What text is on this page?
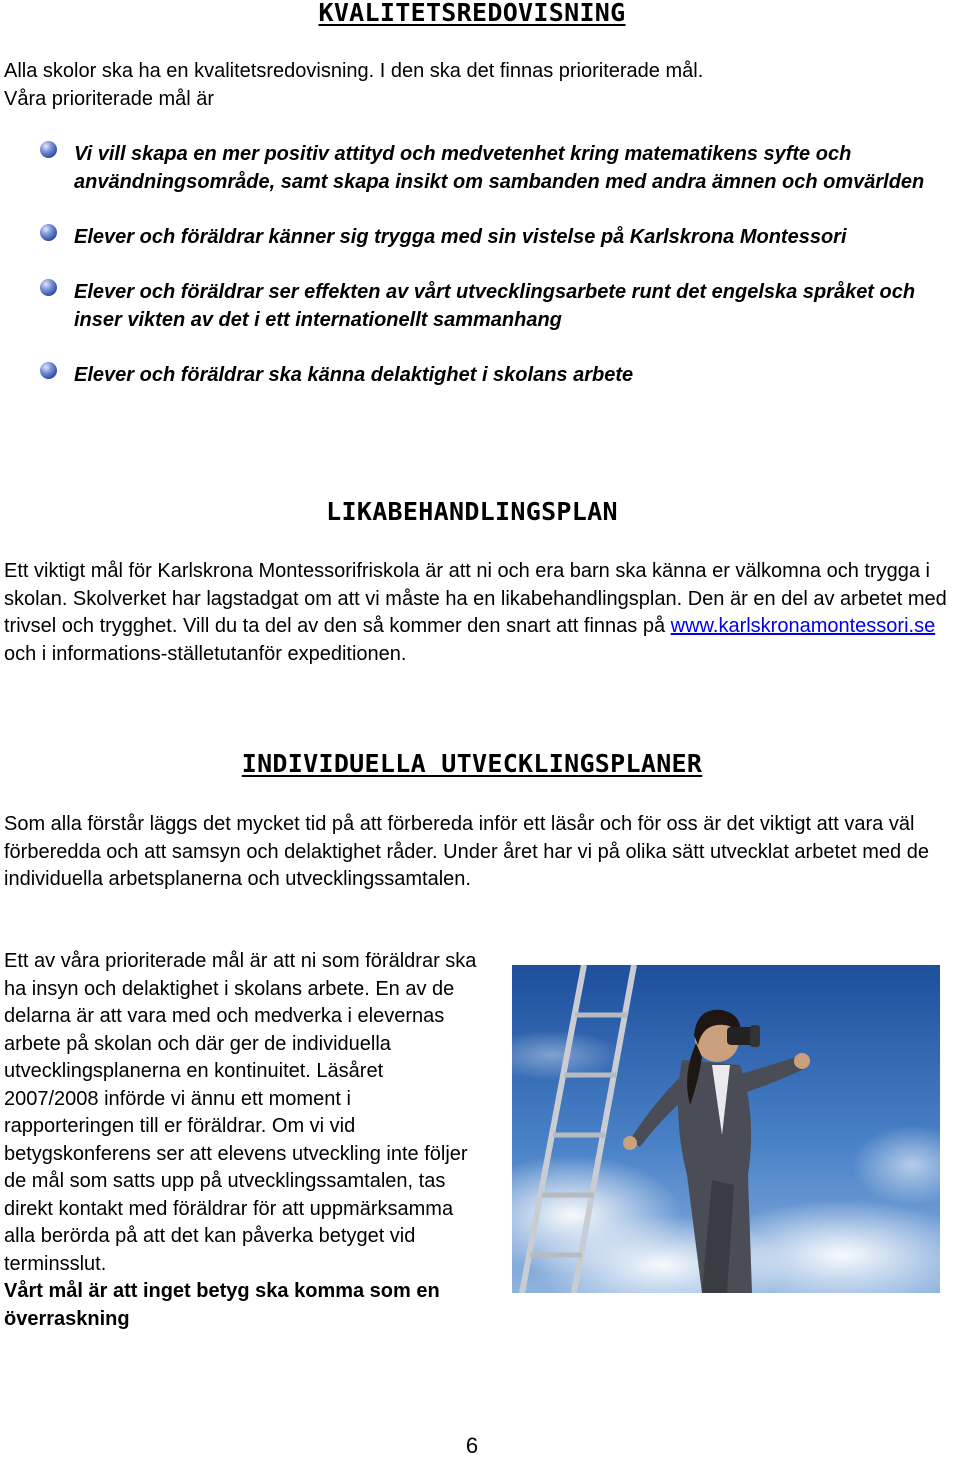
KVALITETSREDOVISNING

Alla skolor ska ha en kvalitetsredovisning. I den ska det finnas prioriterade mål.
Våra prioriterade mål är

Vi vill skapa en mer positiv attityd och medvetenhet kring matematikens syfte och användningsområde, samt skapa insikt om sambanden med andra ämnen och omvärlden
Elever och föräldrar känner sig trygga med sin vistelse på Karlskrona Montessori
Elever och föräldrar ser effekten av vårt utvecklingsarbete runt det engelska språket och inser vikten av det i ett internationellt sammanhang
Elever och föräldrar ska känna delaktighet i skolans arbete
LIKABEHANDLINGSPLAN

Ett viktigt mål för Karlskrona Montessorifriskola är att ni och era barn ska känna er välkomna och trygga i skolan. Skolverket har lagstadgat om att vi måste ha en likabehandlingsplan. Den är en del av arbetet med trivsel och trygghet. Vill du ta del av den så kommer den snart att finnas på www.karlskronamontessori.se och i informations-ställetutanför expeditionen.

INDIVIDUELLA UTVECKLINGSPLANER

Som alla förstår läggs det mycket tid på att förbereda inför ett läsår och för oss är det viktigt att vara väl förberedda och att samsyn och delaktighet råder. Under året har vi på olika sätt utvecklat arbetet med de individuella arbetsplanerna och utvecklingssamtalen.

Ett av våra prioriterade mål är att ni som föräldrar ska ha insyn och delaktighet i skolans arbete. En av de delarna är att vara med och medverka i elevernas arbete på skolan och där ger de individuella utvecklingsplanerna en kontinuitet. Läsåret 2007/2008 införde vi ännu ett moment i rapporteringen till er föräldrar. Om vi vid betygskonferens ser att elevens utveckling inte följer de mål som satts upp på utvecklingssamtalen, tas direkt kontakt med föräldrar för att uppmärksamma alla berörda på att det kan påverka betyget vid terminsslut.
Vårt mål är att inget betyg ska komma som en överraskning

6
